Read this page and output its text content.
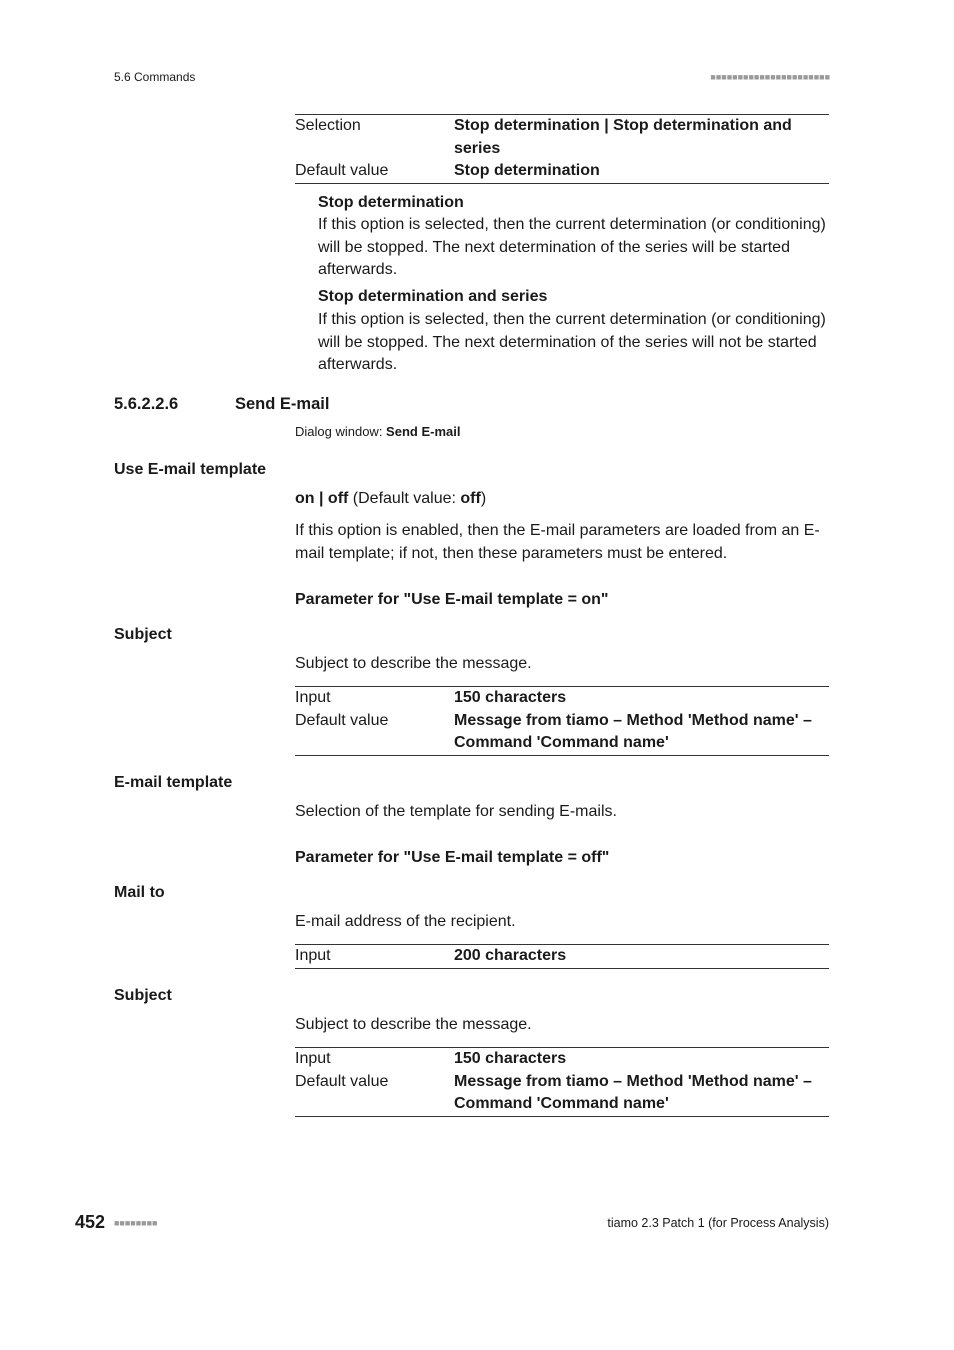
5.6 Commands	■■■■■■■■■■■■■■■■■■■■■■
Selection	Stop determination | Stop determination and series
Default value	Stop determination
Stop determination
If this option is selected, then the current determination (or conditioning) will be stopped. The next determination of the series will be started afterwards.
Stop determination and series
If this option is selected, then the current determination (or conditioning) will be stopped. The next determination of the series will not be started afterwards.
5.6.2.2.6	Send E-mail
Dialog window: Send E-mail
Use E-mail template
on | off (Default value: off)
If this option is enabled, then the E-mail parameters are loaded from an E-mail template; if not, then these parameters must be entered.
Parameter for "Use E-mail template = on"
Subject
Subject to describe the message.
Input	150 characters
Default value	Message from tiamo – Method 'Method name' – Command 'Command name'
E-mail template
Selection of the template for sending E-mails.
Parameter for "Use E-mail template = off"
Mail to
E-mail address of the recipient.
Input	200 characters
Subject
Subject to describe the message.
Input	150 characters
Default value	Message from tiamo – Method 'Method name' – Command 'Command name'
452 ■■■■■■■■	tiamo 2.3 Patch 1 (for Process Analysis)
